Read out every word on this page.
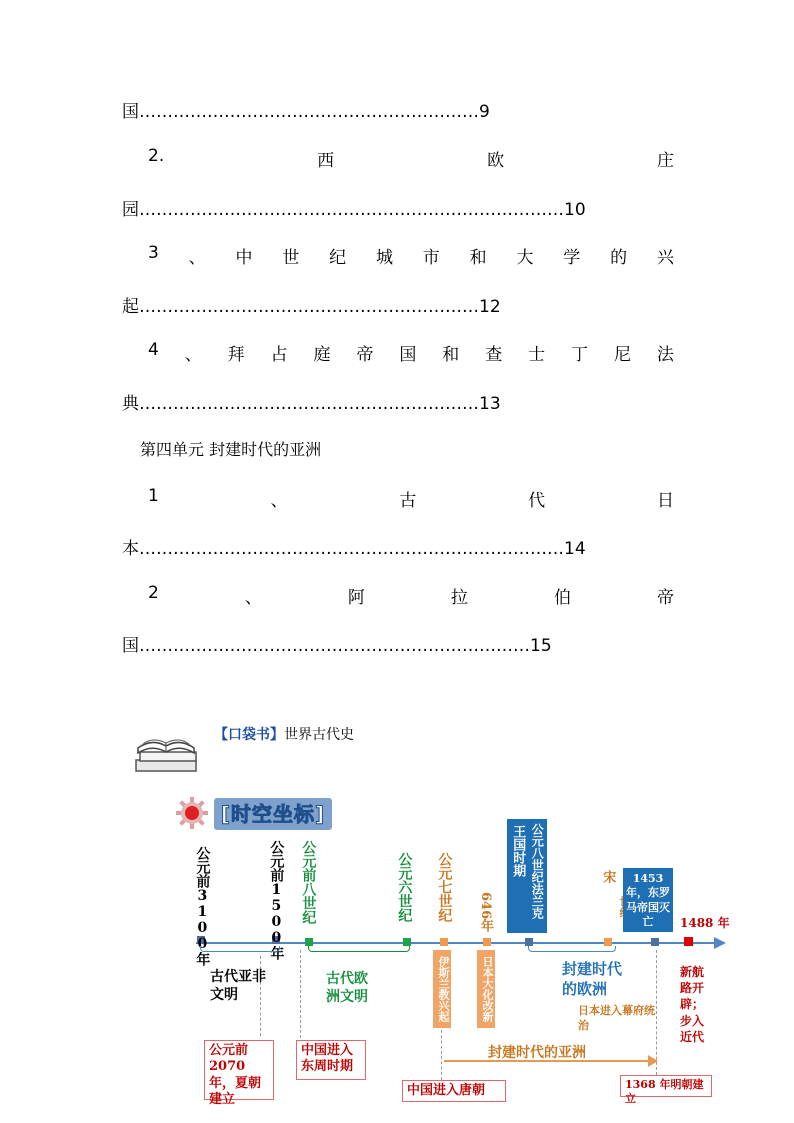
国……………………………………………………9
2.	西	欧	庄
园…………………………………………………………………10
3 、 中 世 纪 城 市 和 大 学 的 兴
起……………………………………………………12
4 、 拜 占 庭 帝 国 和 查 士 丁 尼 法
典……………………………………………………13
第四单元 封建时代的亚洲
1	、	古	代	日
本…………………………………………………………………14
2	、	阿	拉	伯	帝
国……………………………………………………………15
【口袋书】世界古代史
[时空坐标]
公元前3100年	公元前1500年 公元前八世纪	公元六世纪 公元七世纪 646年
王国时期 公元八世纪法兰克	宋	1453年，东罗马帝国灭亡	1488 年
古代亚非文明
古代欧洲文明	伊斯兰教兴起	日本大化改新	封建时代的欧洲
日本进入幕府统治
新航路开辟；步入近代
封建时代的亚洲
公元前2070 年，夏朝建立
中国进入东周时期
中国进入唐朝	1368 年明朝建立
